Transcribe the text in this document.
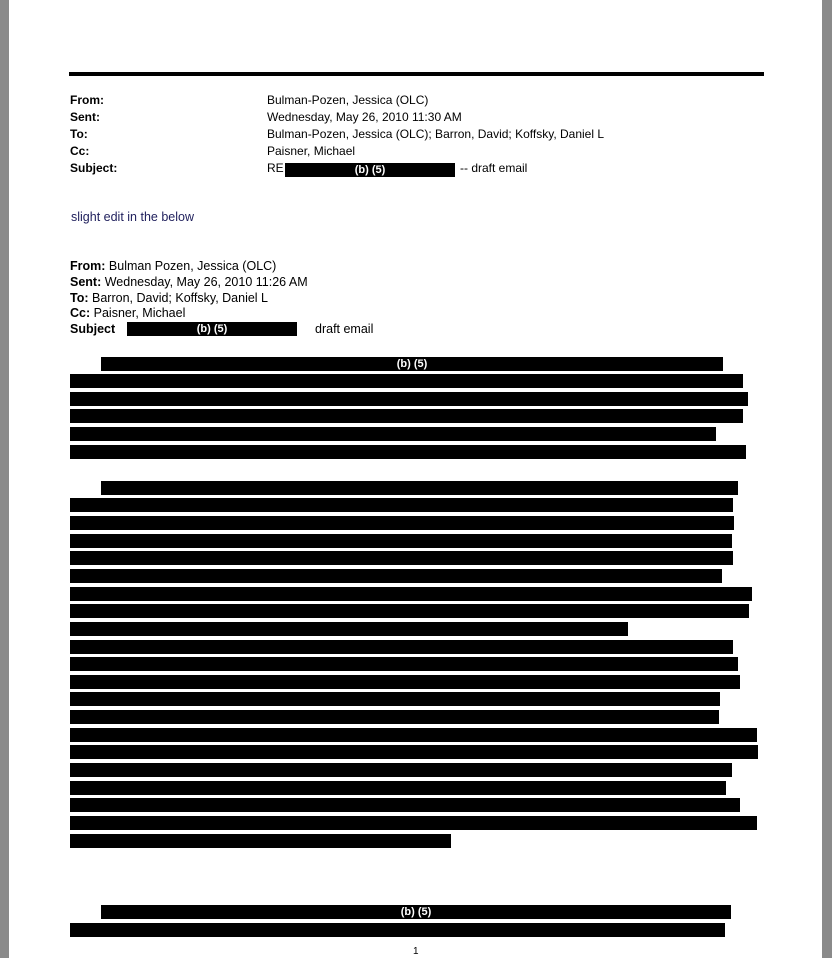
From:	Bulman-Pozen, Jessica (OLC)
Sent:	Wednesday, May 26, 2010 11:30 AM
To:	Bulman-Pozen, Jessica (OLC); Barron, David; Koffsky, Daniel L
Cc:	Paisner, Michael
Subject:	RE	(b) (5)	-- draft email
slight edit in the below
From: Bulman Pozen, Jessica (OLC)
Sent: Wednesday, May 26, 2010 11:26 AM
To: Barron, David; Koffsky, Daniel L
Cc: Paisner, Michael
Subject	(b) (5)	draft email
(b) (5)
(b) (5)
1
